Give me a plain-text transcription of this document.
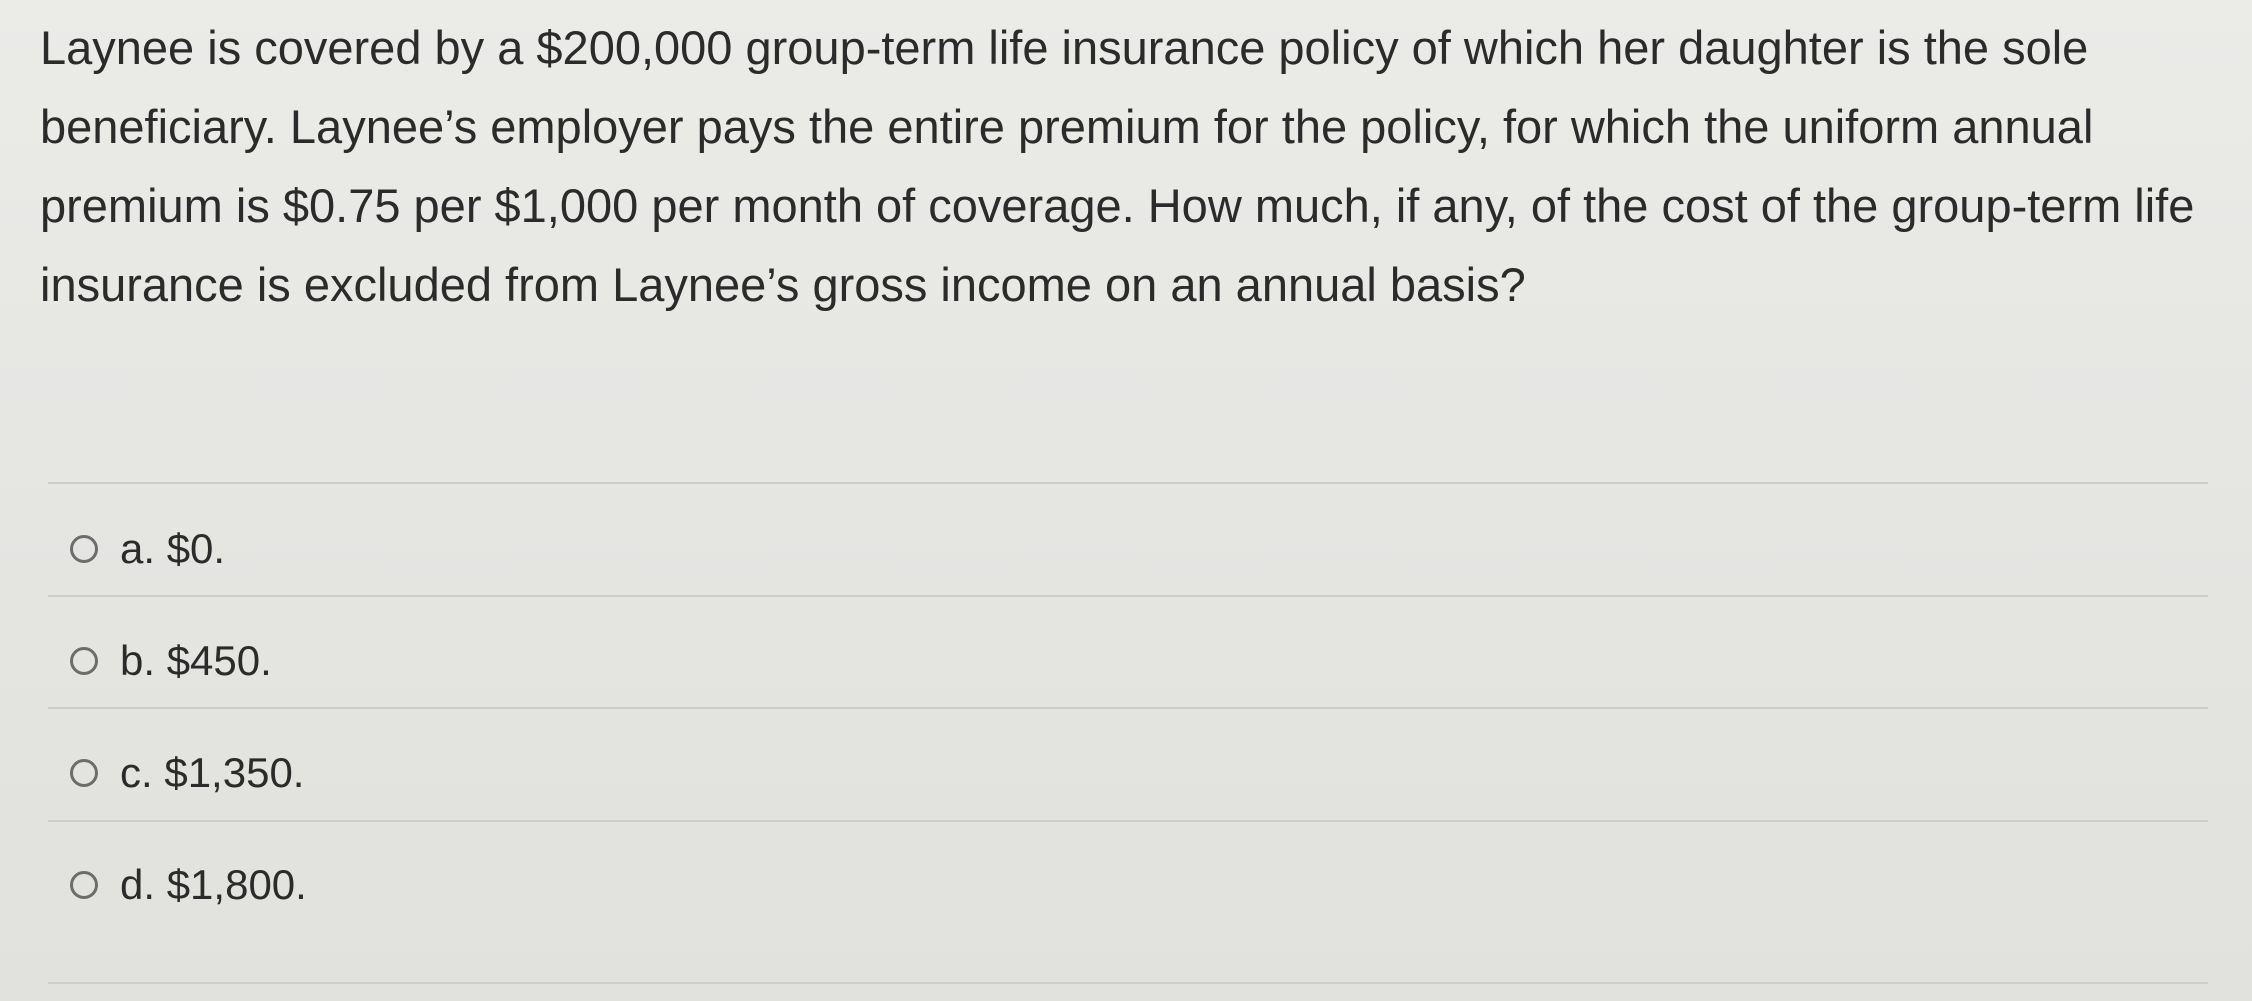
Laynee is covered by a $200,000 group-term life insurance policy of which her daughter is the sole beneficiary. Laynee’s employer pays the entire premium for the policy, for which the uniform annual premium is $0.75 per $1,000 per month of coverage. How much, if any, of the cost of the group-term life insurance is excluded from Laynee’s gross income on an annual basis?

a. $0.
b. $450.
c. $1,350.
d. $1,800.
